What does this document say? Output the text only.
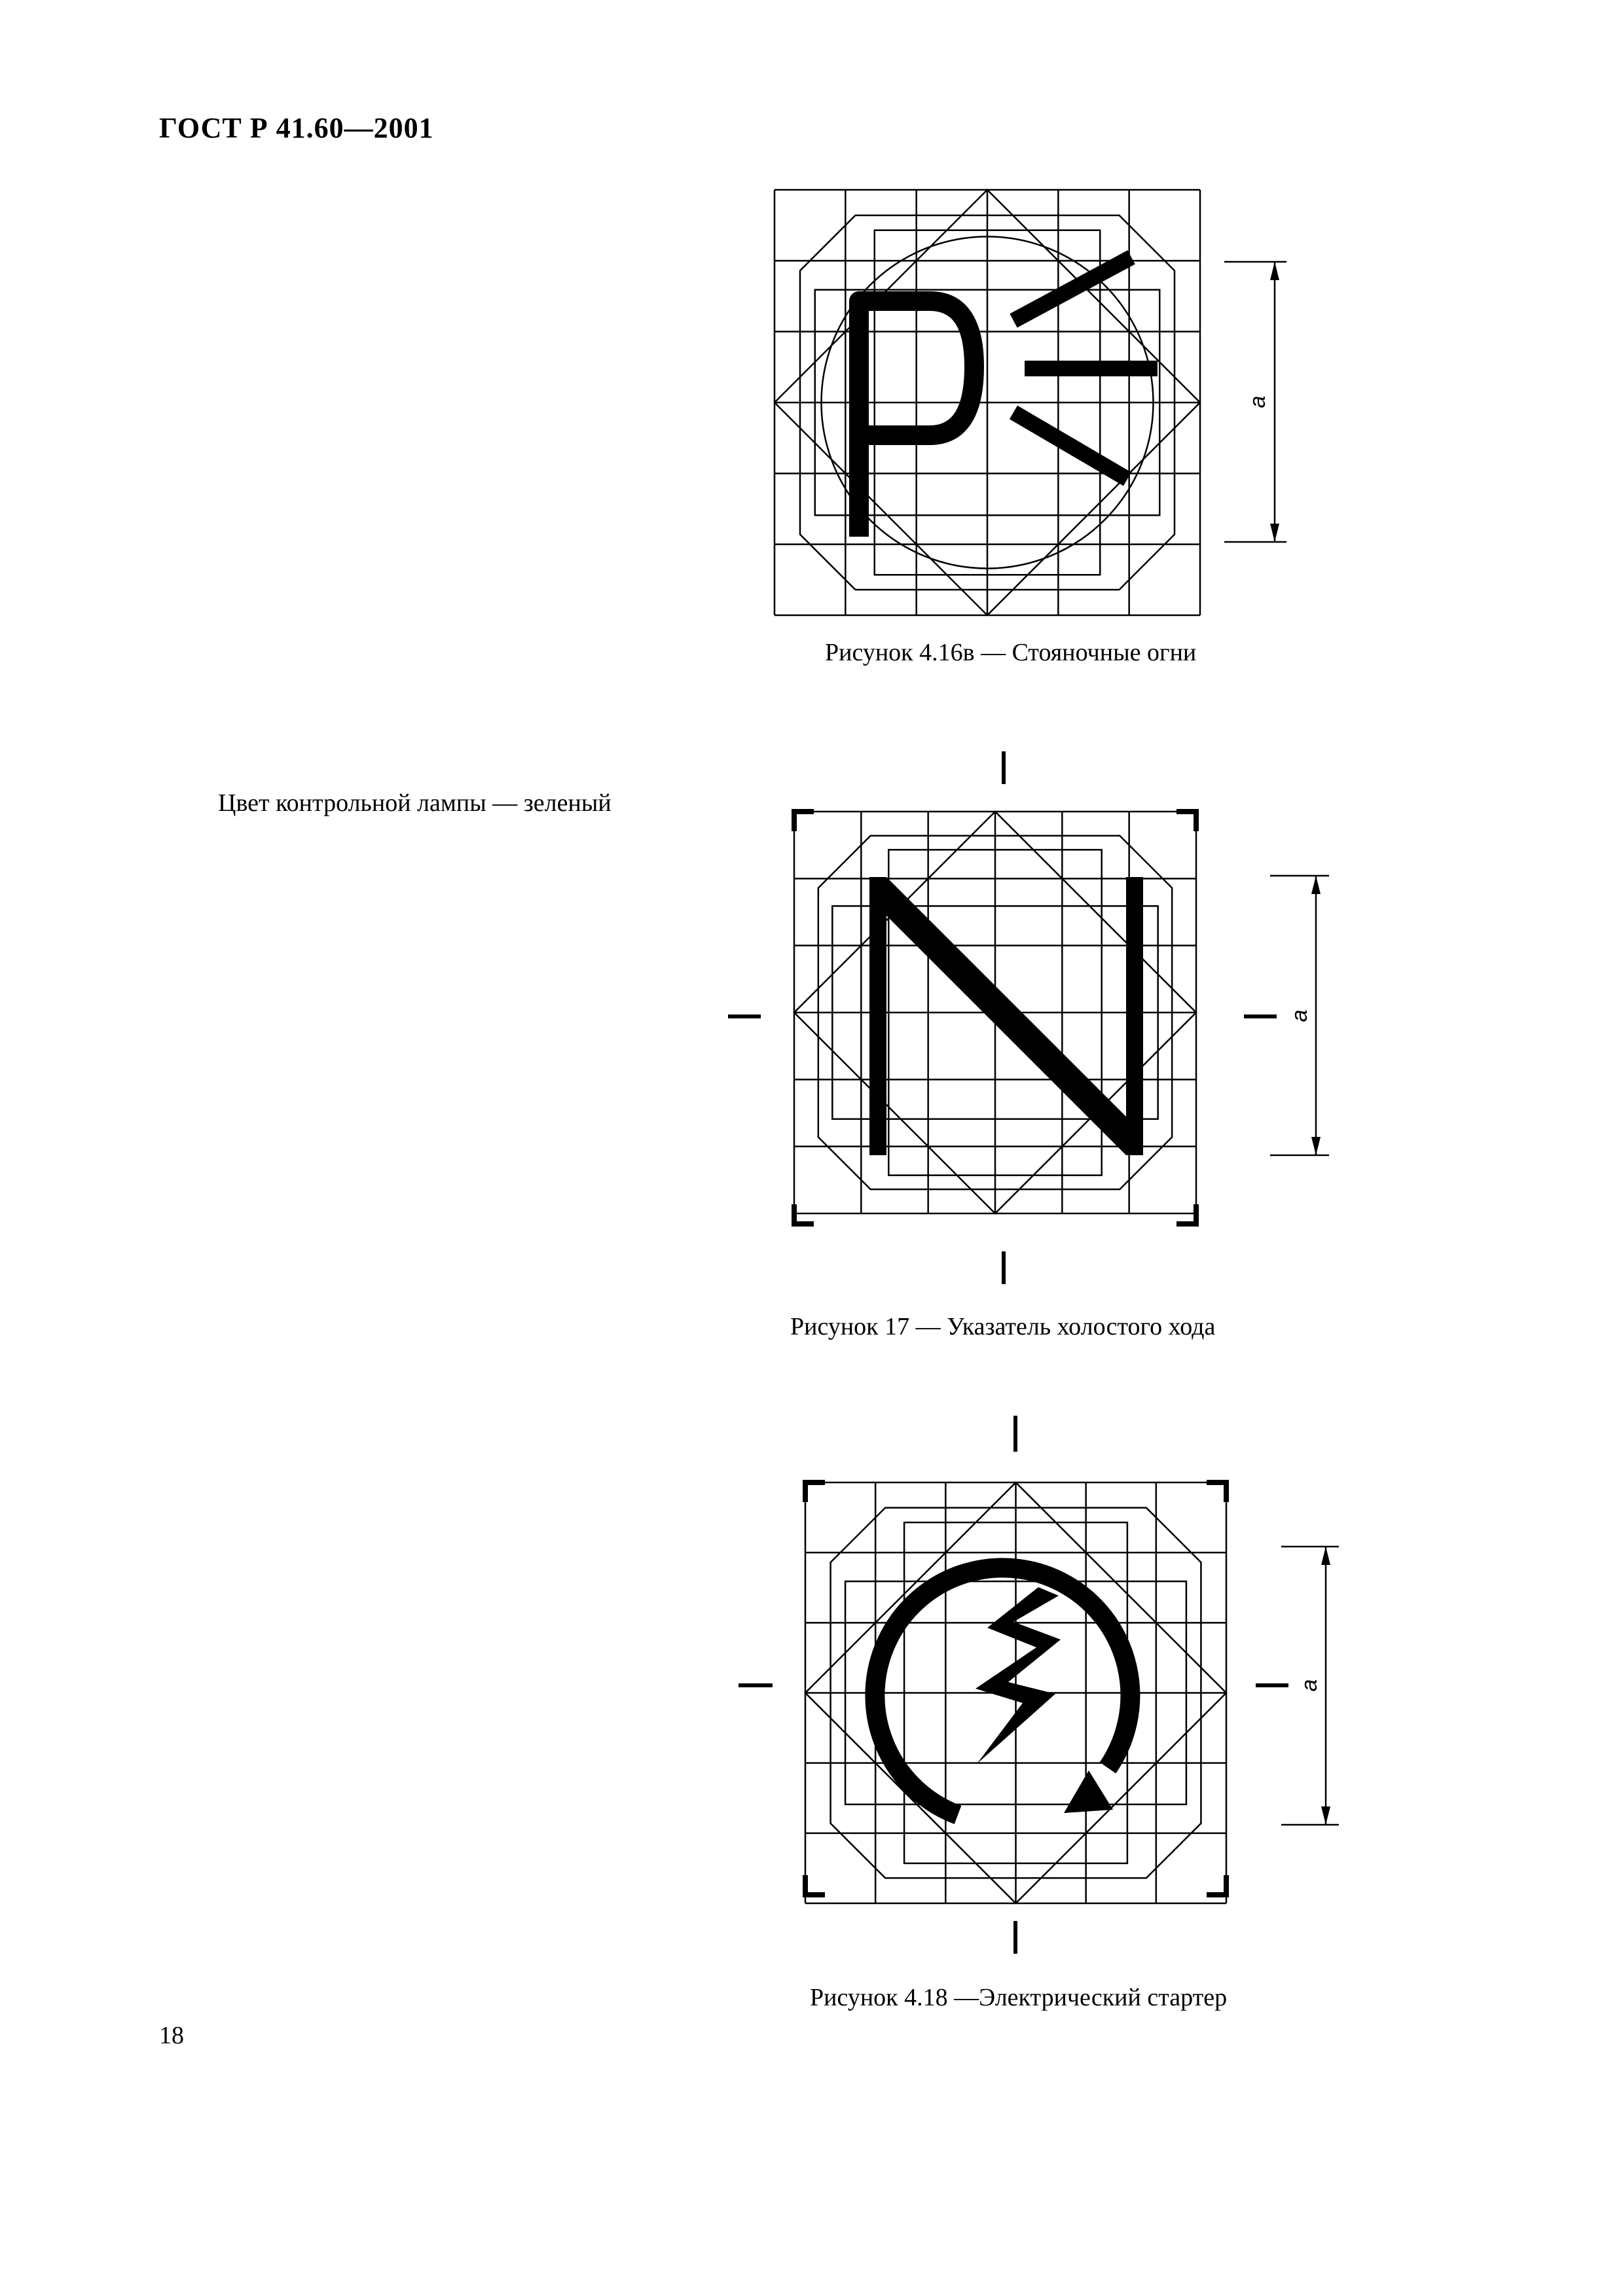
ГОСТ Р 41.60—2001
a
Рисунок 4.16в — Стояночные огни
Цвет контрольной лампы — зеленый
a
Рисунок 17 — Указатель холостого хода
a
Рисунок 4.18 —Электрический стартер
18
